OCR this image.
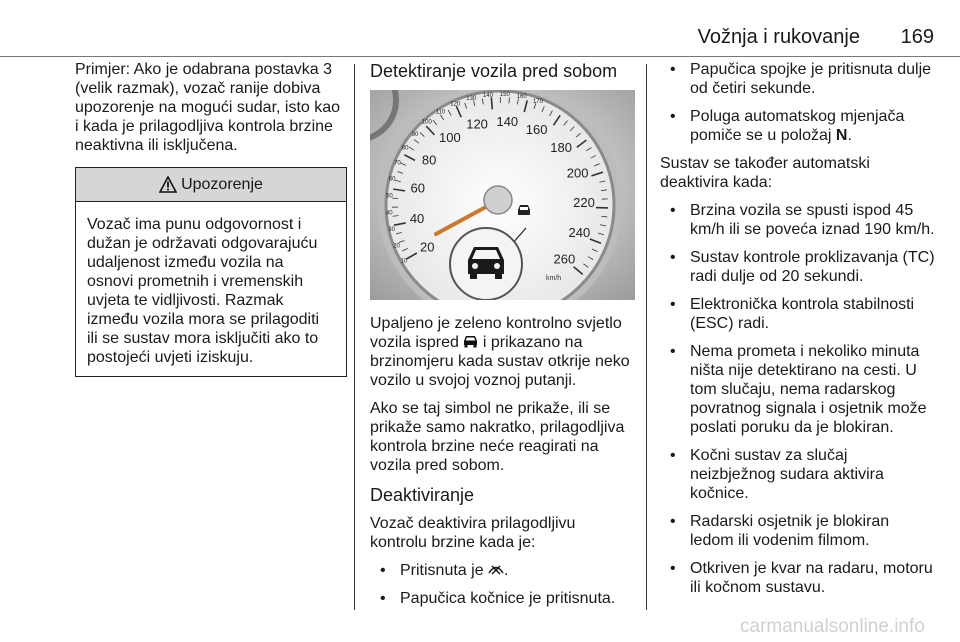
Vožnja i rukovanje	169

Primjer: Ako je odabrana postavka 3 (velik razmak), vozač ranije dobiva upozorenje na mogući sudar, isto kao i kada je prilagodljiva kontrola brzine neaktivna ili isključena.

Upozorenje
Vozač ima punu odgovornost i dužan je održavati odgovarajuću udaljenost između vozila na osnovi prometnih i vremenskih uvjeta te vidljivosti. Razmak između vozila mora se prilagoditi ili se sustav mora isključiti ako to postojeći uvjeti iziskuju.
Detektiranje vozila pred sobom
10
20
30
40
50
60
70
80
90
100
110
120
130
140 150 160
170
20
40
60
80
100
120 140
160
180
200
220
240
260
km/h

Upaljeno je zeleno kontrolno svjetlo vozila ispred i prikazano na brzinomjeru kada sustav otkrije neko vozilo u svojoj voznoj putanji.

Ako se taj simbol ne prikaže, ili se prikaže samo nakratko, prilagodljiva kontrola brzine neće reagirati na vozila pred sobom.

Deaktiviranje

Vozač deaktivira prilagodljivu kontrolu brzine kada je:

• Pritisnuta je .
• Papučica kočnice je pritisnuta.
• Papučica spojke je pritisnuta dulje od četiri sekunde.
• Poluga automatskog mjenjača pomiče se u položaj N.

Sustav se također automatski deaktivira kada:

• Brzina vozila se spusti ispod 45 km/h ili se poveća iznad 190 km/h.
• Sustav kontrole proklizavanja (TC) radi dulje od 20 sekundi.
• Elektronička kontrola stabilnosti (ESC) radi.
• Nema prometa i nekoliko minuta ništa nije detektirano na cesti. U tom slučaju, nema radarskog povratnog signala i osjetnik može poslati poruku da je blokiran.
• Kočni sustav za slučaj neizbježnog sudara aktivira kočnice.
• Radarski osjetnik je blokiran ledom ili vodenim filmom.
• Otkriven je kvar na radaru, motoru ili kočnom sustavu.
carmanualsonline.info
